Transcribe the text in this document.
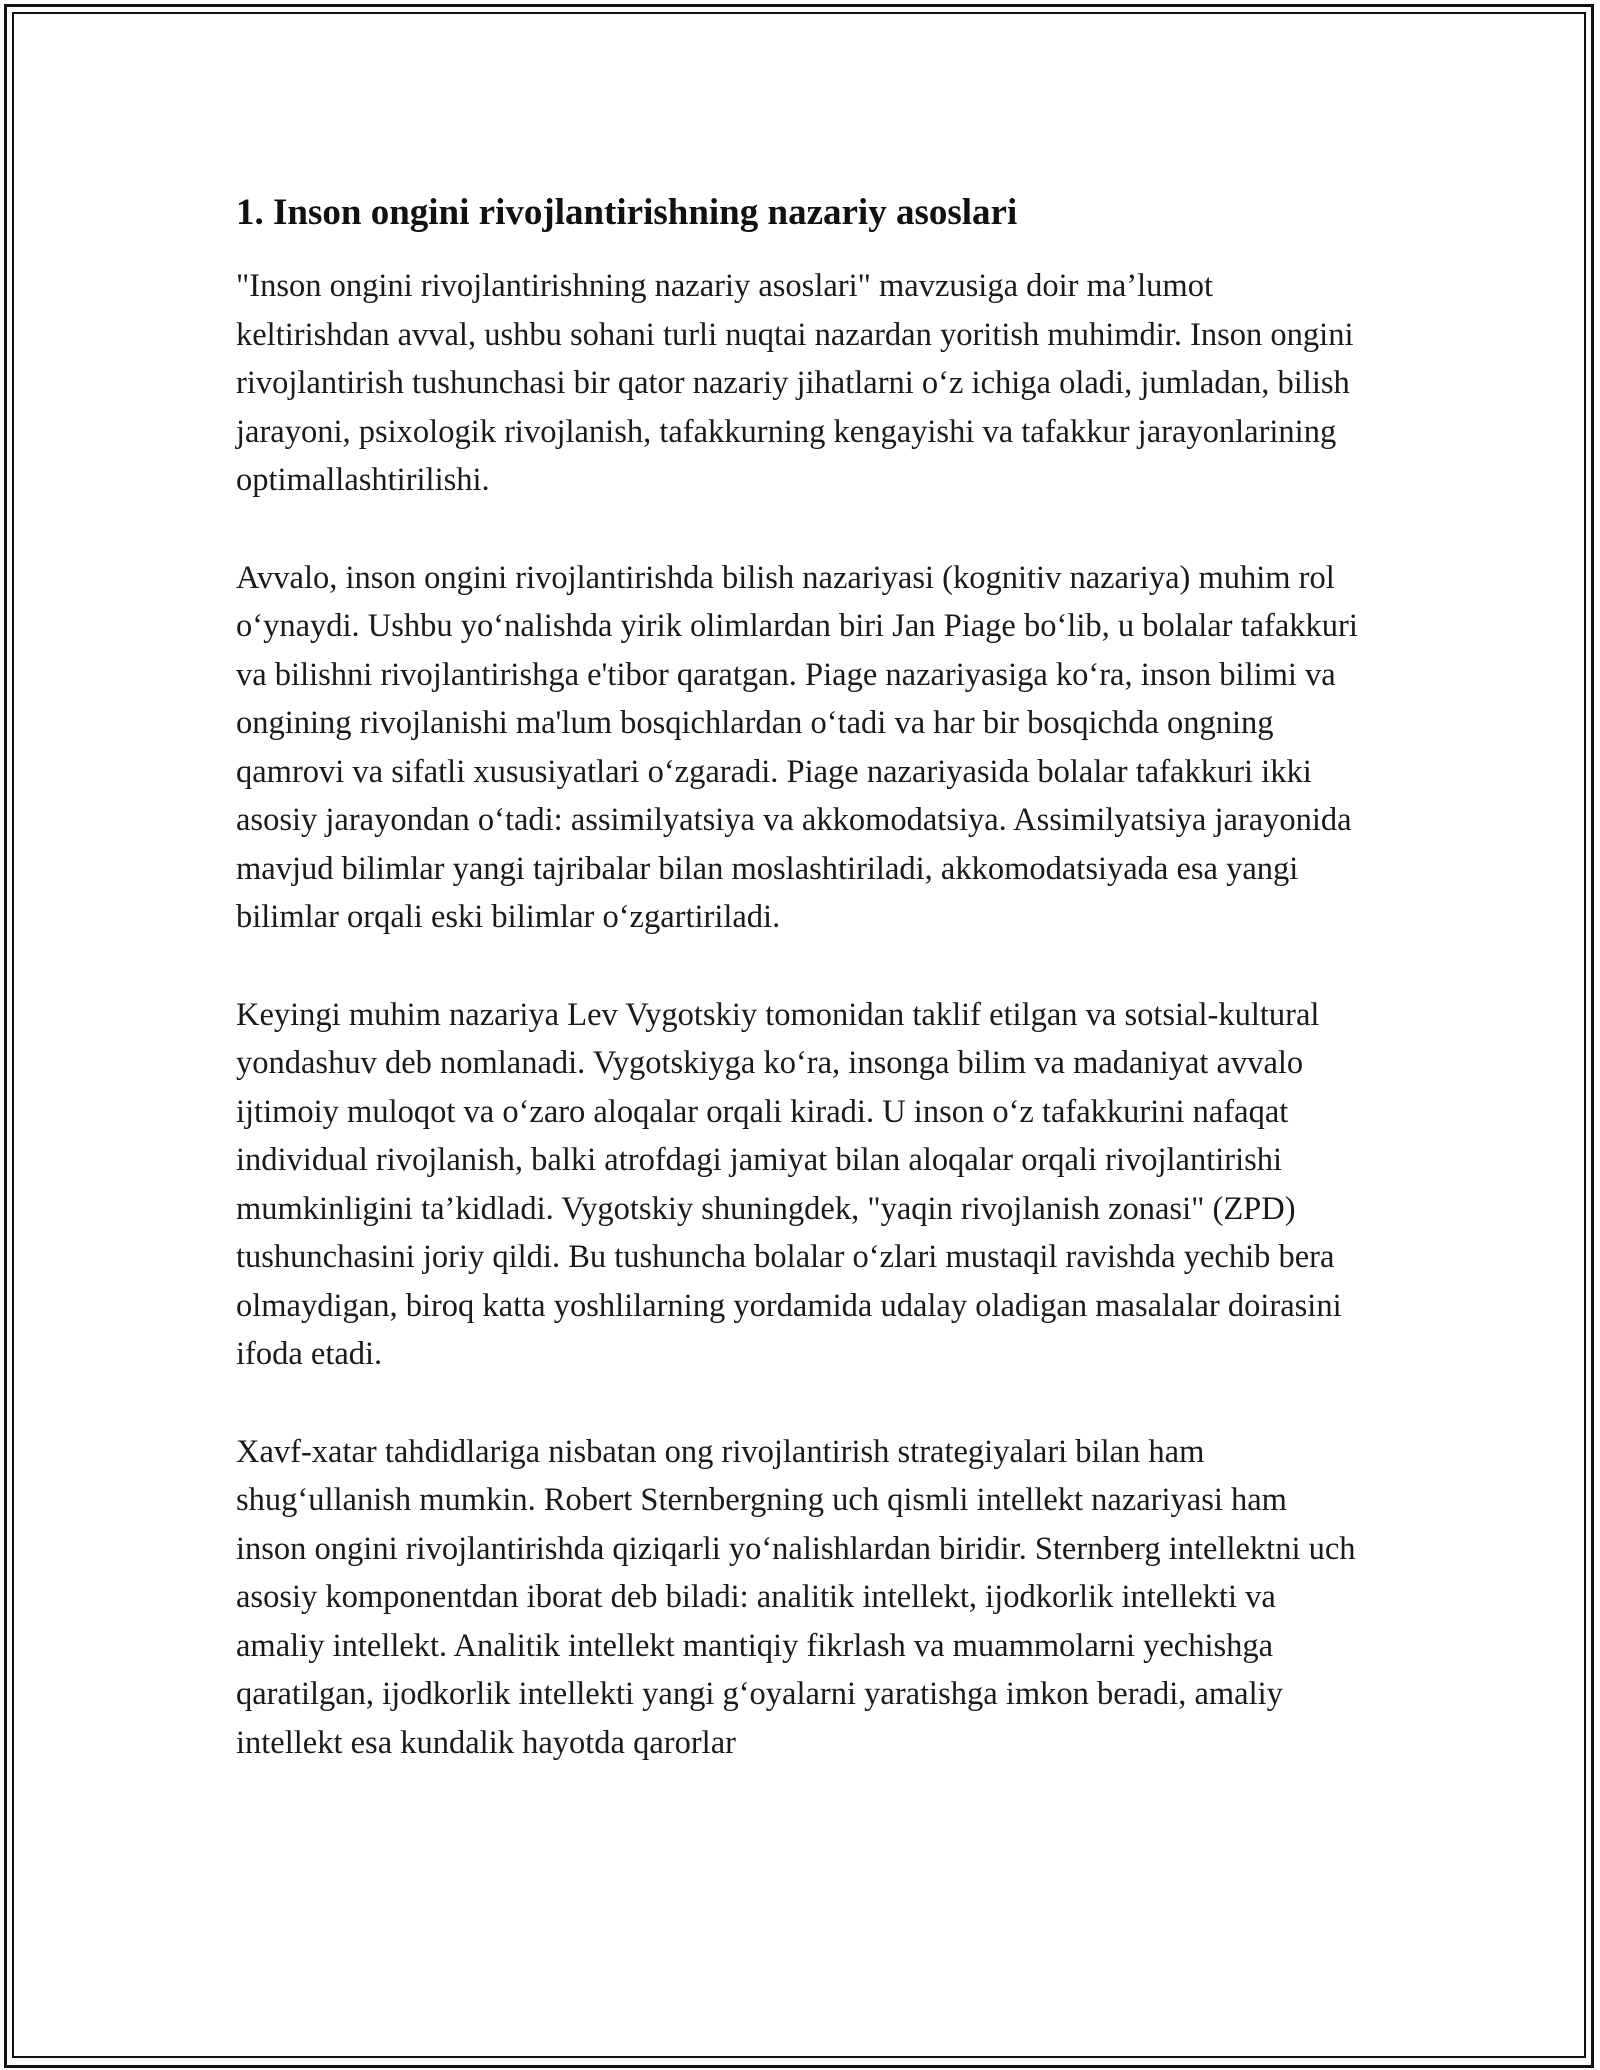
1. Inson ongini rivojlantirishning nazariy asoslari

"Inson ongini rivojlantirishning nazariy asoslari" mavzusiga doir ma’lumot keltirishdan avval, ushbu sohani turli nuqtai nazardan yoritish muhimdir. Inson ongini rivojlantirish tushunchasi bir qator nazariy jihatlarni o‘z ichiga oladi, jumladan, bilish jarayoni, psixologik rivojlanish, tafakkurning kengayishi va tafakkur jarayonlarining optimallashtirilishi.

Avvalo, inson ongini rivojlantirishda bilish nazariyasi (kognitiv nazariya) muhim rol o‘ynaydi. Ushbu yo‘nalishda yirik olimlardan biri Jan Piage bo‘lib, u bolalar tafakkuri va bilishni rivojlantirishga e'tibor qaratgan. Piage nazariyasiga ko‘ra, inson bilimi va ongining rivojlanishi ma'lum bosqichlardan o‘tadi va har bir bosqichda ongning qamrovi va sifatli xususiyatlari o‘zgaradi. Piage nazariyasida bolalar tafakkuri ikki asosiy jarayondan o‘tadi: assimilyatsiya va akkomodatsiya. Assimilyatsiya jarayonida mavjud bilimlar yangi tajribalar bilan moslashtiriladi, akkomodatsiyada esa yangi bilimlar orqali eski bilimlar o‘zgartiriladi.

Keyingi muhim nazariya Lev Vygotskiy tomonidan taklif etilgan va sotsial-kultural yondashuv deb nomlanadi. Vygotskiyga ko‘ra, insonga bilim va madaniyat avvalo ijtimoiy muloqot va o‘zaro aloqalar orqali kiradi. U inson o‘z tafakkurini nafaqat individual rivojlanish, balki atrofdagi jamiyat bilan aloqalar orqali rivojlantirishi mumkinligini ta’kidladi. Vygotskiy shuningdek, "yaqin rivojlanish zonasi" (ZPD) tushunchasini joriy qildi. Bu tushuncha bolalar o‘zlari mustaqil ravishda yechib bera olmaydigan, biroq katta yoshlilarning yordamida udalay oladigan masalalar doirasini ifoda etadi.

Xavf-xatar tahdidlariga nisbatan ong rivojlantirish strategiyalari bilan ham shug‘ullanish mumkin. Robert Sternbergning uch qismli intellekt nazariyasi ham inson ongini rivojlantirishda qiziqarli yo‘nalishlardan biridir. Sternberg intellektni uch asosiy komponentdan iborat deb biladi: analitik intellekt, ijodkorlik intellekti va amaliy intellekt. Analitik intellekt mantiqiy fikrlash va muammolarni yechishga qaratilgan, ijodkorlik intellekti yangi g‘oyalarni yaratishga imkon beradi, amaliy intellekt esa kundalik hayotda qarorlar
